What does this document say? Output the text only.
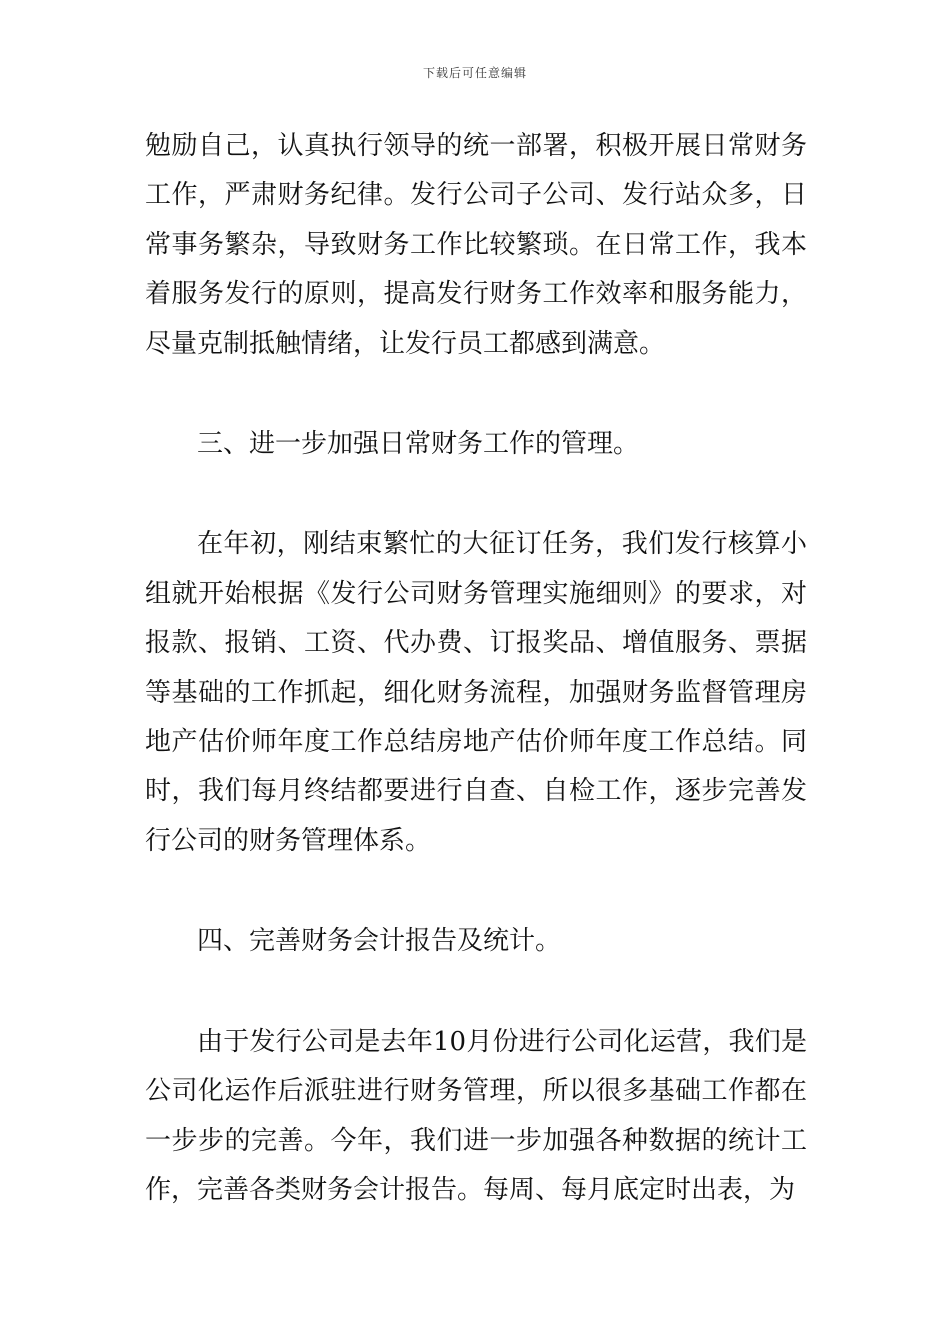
下载后可任意编辑

勉励自己，认真执行领导的统一部署，积极开展日常财务工作，严肃财务纪律。发行公司子公司、发行站众多，日常事务繁杂，导致财务工作比较繁琐。在日常工作，我本着服务发行的原则，提高发行财务工作效率和服务能力，尽量克制抵触情绪，让发行员工都感到满意。

三、进一步加强日常财务工作的管理。

在年初，刚结束繁忙的大征订任务，我们发行核算小组就开始根据《发行公司财务管理实施细则》的要求，对报款、报销、工资、代办费、订报奖品、增值服务、票据等基础的工作抓起，细化财务流程，加强财务监督管理房地产估价师年度工作总结房地产估价师年度工作总结。同时，我们每月终结都要进行自查、自检工作，逐步完善发行公司的财务管理体系。

四、完善财务会计报告及统计。

由于发行公司是去年10月份进行公司化运营，我们是公司化运作后派驻进行财务管理，所以很多基础工作都在一步步的完善。今年，我们进一步加强各种数据的统计工作，完善各类财务会计报告。每周、每月底定时出表，为
